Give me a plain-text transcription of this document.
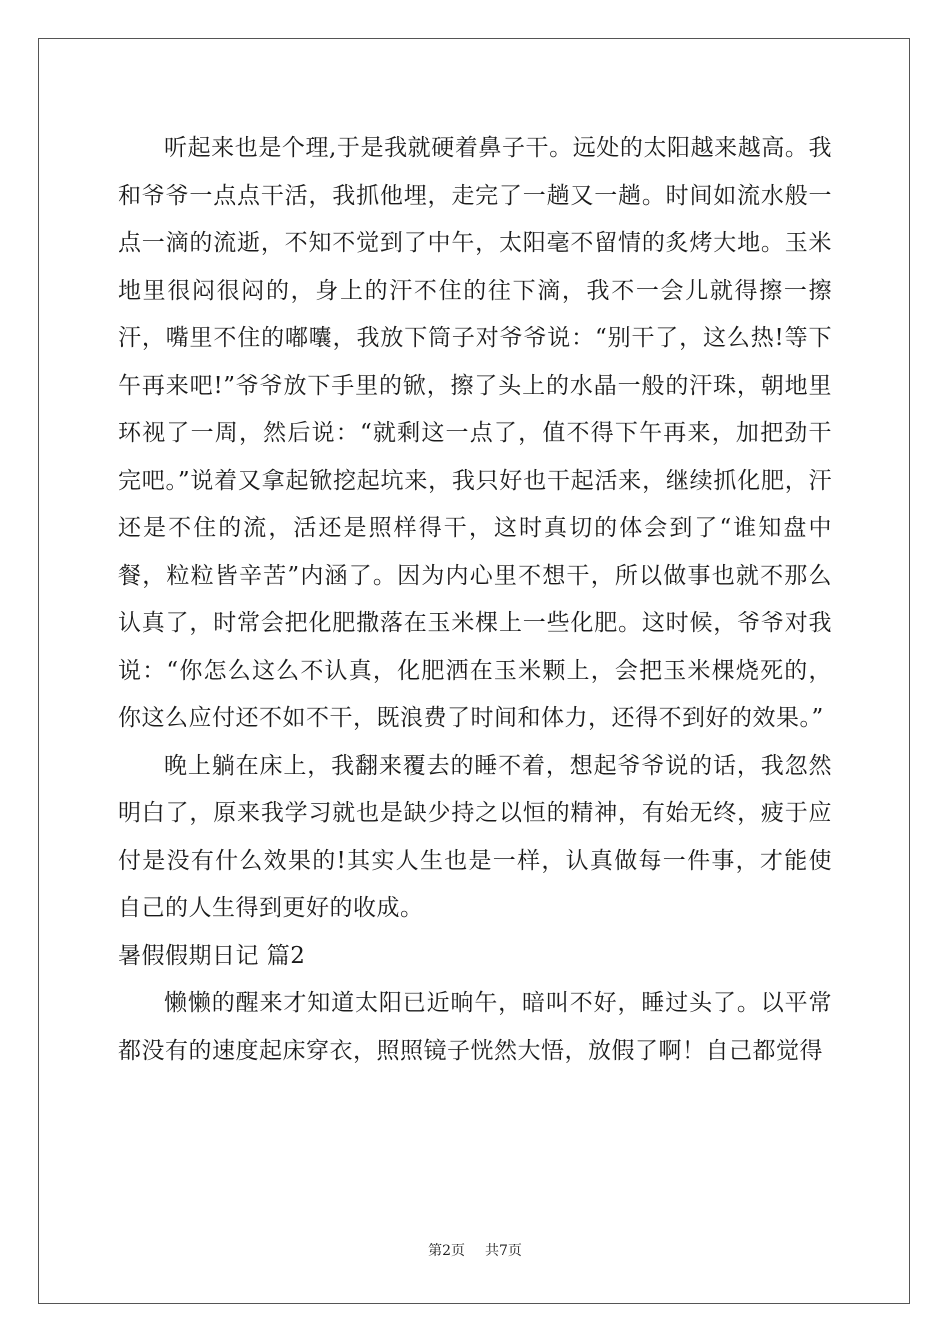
听起来也是个理,于是我就硬着鼻子干。远处的太阳越来越高。我和爷爷一点点干活，我抓他埋，走完了一趟又一趟。时间如流水般一点一滴的流逝，不知不觉到了中午，太阳毫不留情的炙烤大地。玉米地里很闷很闷的，身上的汗不住的往下滴，我不一会儿就得擦一擦汗，嘴里不住的嘟囔，我放下筒子对爷爷说：“别干了，这么热!等下午再来吧!”爷爷放下手里的锨，擦了头上的水晶一般的汗珠，朝地里环视了一周，然后说：“就剩这一点了，值不得下午再来，加把劲干完吧。”说着又拿起锨挖起坑来，我只好也干起活来，继续抓化肥，汗还是不住的流，活还是照样得干，这时真切的体会到了“谁知盘中餐，粒粒皆辛苦”内涵了。因为内心里不想干，所以做事也就不那么认真了，时常会把化肥撒落在玉米棵上一些化肥。这时候，爷爷对我说：“你怎么这么不认真，化肥洒在玉米颗上，会把玉米棵烧死的，你这么应付还不如不干，既浪费了时间和体力，还得不到好的效果。”

晚上躺在床上，我翻来覆去的睡不着，想起爷爷说的话，我忽然明白了，原来我学习就也是缺少持之以恒的精神，有始无终，疲于应付是没有什么效果的!其实人生也是一样，认真做每一件事，才能使自己的人生得到更好的收成。

暑假假期日记 篇2

懒懒的醒来才知道太阳已近晌午，暗叫不好，睡过头了。以平常都没有的速度起床穿衣，照照镜子恍然大悟，放假了啊！自己都觉得

第2页 共7页
